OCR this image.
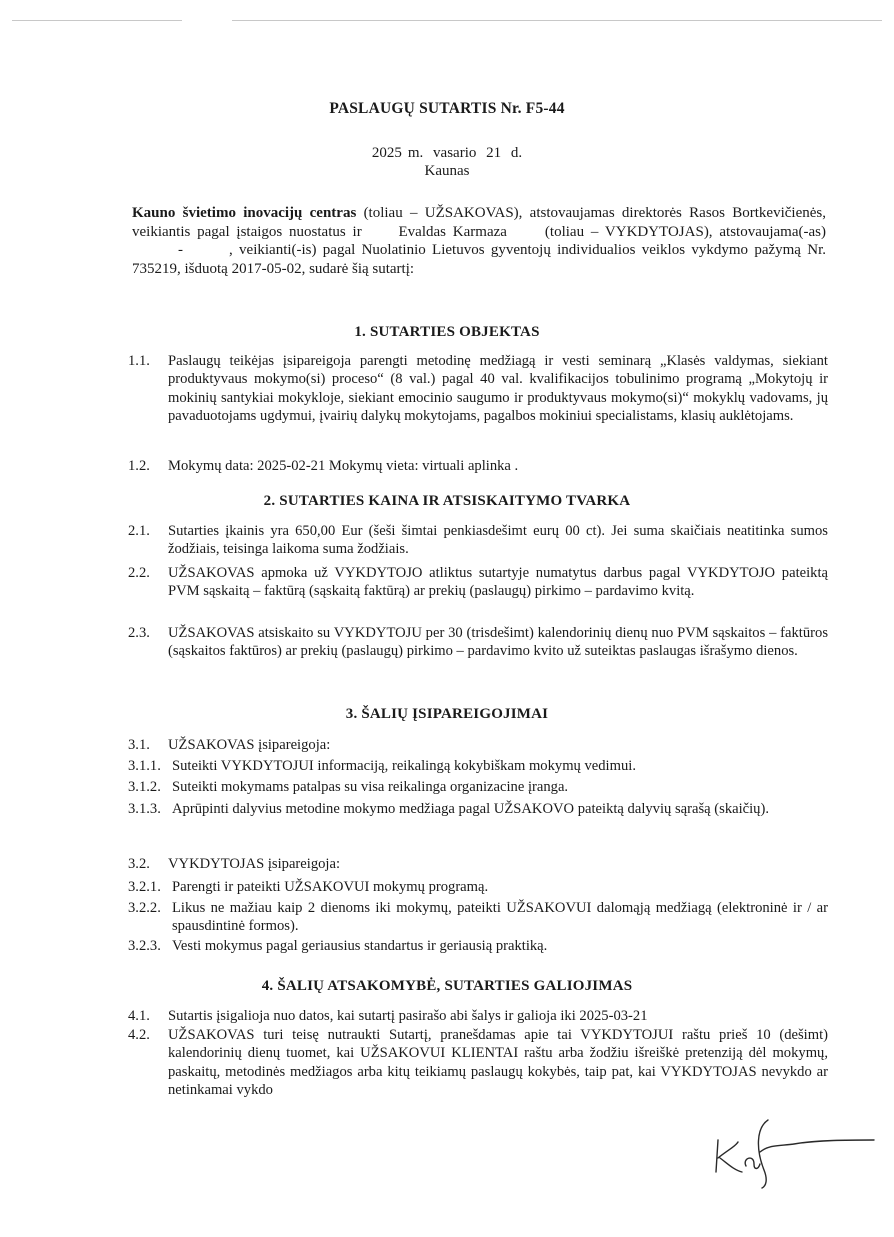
PASLAUGŲ SUTARTIS Nr. F5-44
2025 m. vasario 21 d.
Kaunas
Kauno švietimo inovacijų centras (toliau – UŽSAKOVAS), atstovaujamas direktorės Rasos Bortkevičienės, veikiantis pagal įstaigos nuostatus ir Evaldas Karmaza	(toliau – VYKDYTOJAS), atstovaujama(-as)-	, veikianti(-is) pagal Nuolatinio Lietuvos gyventojų individualios veiklos vykdymo pažymą Nr. 735219, išduotą 2017-05-02, sudarė šią sutartį:
1. SUTARTIES OBJEKTAS
1.1. Paslaugų teikėjas įsipareigoja parengti metodinę medžiagą ir vesti seminarą „Klasės valdymas, siekiant produktyvaus mokymo(si) proceso“ (8 val.) pagal 40 val. kvalifikacijos tobulinimo programą „Mokytojų ir mokinių santykiai mokykloje, siekiant emocinio saugumo ir produktyvaus mokymo(si)“ mokyklų vadovams, jų pavaduotojams ugdymui, įvairių dalykų mokytojams, pagalbos mokiniui specialistams, klasių auklėtojams.
1.2. Mokymų data: 2025-02-21 Mokymų vieta: virtuali aplinka .
2. SUTARTIES KAINA IR ATSISKAITYMO TVARKA
2.1. Sutarties įkainis yra 650,00 Eur (šeši šimtai penkiasdešimt eurų 00 ct). Jei suma skaičiais neatitinka sumos žodžiais, teisinga laikoma suma žodžiais.
2.2. UŽSAKOVAS apmoka už VYKDYTOJO atliktus sutartyje numatytus darbus pagal VYKDYTOJO pateiktą PVM sąskaitą – faktūrą (sąskaitą faktūrą) ar prekių (paslaugų) pirkimo – pardavimo kvitą.
2.3. UŽSAKOVAS atsiskaito su VYKDYTOJU per 30 (trisdešimt) kalendorinių dienų nuo PVM sąskaitos – faktūros (sąskaitos faktūros) ar prekių (paslaugų) pirkimo – pardavimo kvito už suteiktas paslaugas išrašymo dienos.
3. ŠALIŲ ĮSIPAREIGOJIMAI
3.1. UŽSAKOVAS įsipareigoja:
3.1.1. Suteikti VYKDYTOJUI informaciją, reikalingą kokybiškam mokymų vedimui.
3.1.2. Suteikti mokymams patalpas su visa reikalinga organizacine įranga.
3.1.3. Aprūpinti dalyvius metodine mokymo medžiaga pagal UŽSAKOVO pateiktą dalyvių sąrašą (skaičių).
3.2. VYKDYTOJAS įsipareigoja:
3.2.1. Parengti ir pateikti UŽSAKOVUI mokymų programą.
3.2.2. Likus ne mažiau kaip 2 dienoms iki mokymų, pateikti UŽSAKOVUI dalomąją medžiagą (elektroninė ir / ar spausdintinė formos).
3.2.3. Vesti mokymus pagal geriausius standartus ir geriausią praktiką.
4. ŠALIŲ ATSAKOMYBĖ, SUTARTIES GALIOJIMAS
4.1. Sutartis įsigalioja nuo datos, kai sutartį pasirašo abi šalys ir galioja iki 2025-03-21
4.2. UŽSAKOVAS turi teisę nutraukti Sutartį, pranešdamas apie tai VYKDYTOJUI raštu prieš 10 (dešimt) kalendorinių dienų tuomet, kai UŽSAKOVUI KLIENTAI raštu arba žodžiu išreiškė pretenziją dėl mokymų, paskaitų, metodinės medžiagos arba kitų teikiamų paslaugų kokybės, taip pat, kai VYKDYTOJAS nevykdo ar netinkamai vykdo
